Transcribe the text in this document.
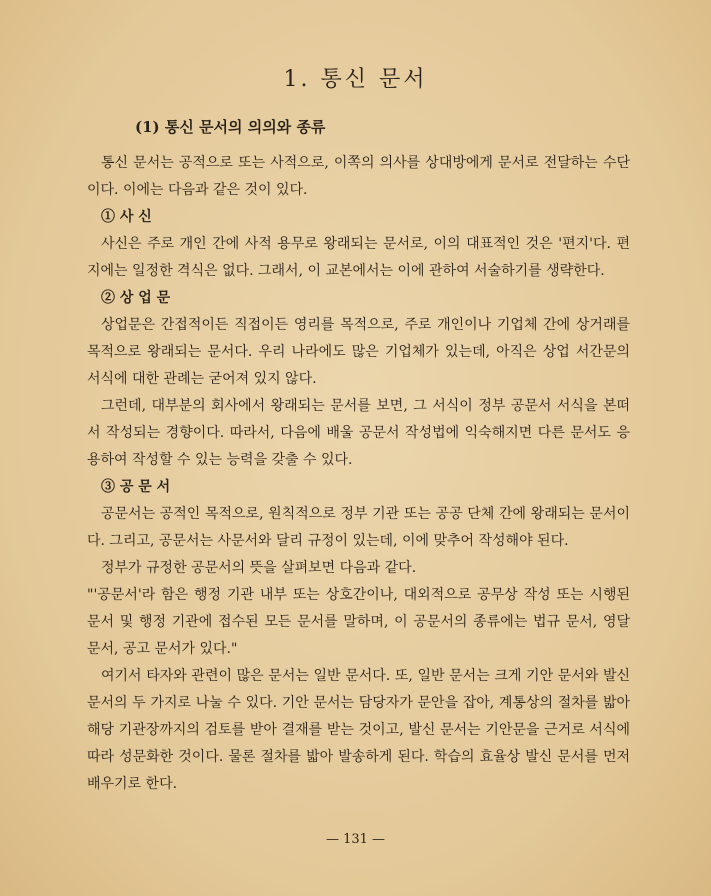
1. 통신 문서
(1) 통신 문서의 의의와 종류

통신 문서는 공적으로 또는 사적으로, 이쪽의 의사를 상대방에게 문서로 전달하는 수단이다. 이에는 다음과 같은 것이 있다.

① 사 신

사신은 주로 개인 간에 사적 용무로 왕래되는 문서로, 이의 대표적인 것은 '편지'다. 편지에는 일정한 격식은 없다. 그래서, 이 교본에서는 이에 관하여 서술하기를 생략한다.

② 상 업 문

상업문은 간접적이든 직접이든 영리를 목적으로, 주로 개인이나 기업체 간에 상거래를 목적으로 왕래되는 문서다. 우리 나라에도 많은 기업체가 있는데, 아직은 상업 서간문의 서식에 대한 관례는 굳어져 있지 않다.

그런데, 대부분의 회사에서 왕래되는 문서를 보면, 그 서식이 정부 공문서 서식을 본떠서 작성되는 경향이다. 따라서, 다음에 배울 공문서 작성법에 익숙해지면 다른 문서도 응용하여 작성할 수 있는 능력을 갖출 수 있다.

③ 공 문 서

공문서는 공적인 목적으로, 원칙적으로 정부 기관 또는 공공 단체 간에 왕래되는 문서이다. 그리고, 공문서는 사문서와 달리 규정이 있는데, 이에 맞추어 작성해야 된다.

정부가 규정한 공문서의 뜻을 살펴보면 다음과 같다.

"'공문서'라 함은 행정 기관 내부 또는 상호간이나, 대외적으로 공무상 작성 또는 시행된 문서 및 행정 기관에 접수된 모든 문서를 말하며, 이 공문서의 종류에는 법규 문서, 영달 문서, 공고 문서가 있다."

여기서 타자와 관련이 많은 문서는 일반 문서다. 또, 일반 문서는 크게 기안 문서와 발신 문서의 두 가지로 나눌 수 있다. 기안 문서는 담당자가 문안을 잡아, 계통상의 절차를 밟아 해당 기관장까지의 검토를 받아 결재를 받는 것이고, 발신 문서는 기안문을 근거로 서식에 따라 성문화한 것이다. 물론 절차를 밟아 발송하게 된다. 학습의 효율상 발신 문서를 먼저 배우기로 한다.

— 131 —
